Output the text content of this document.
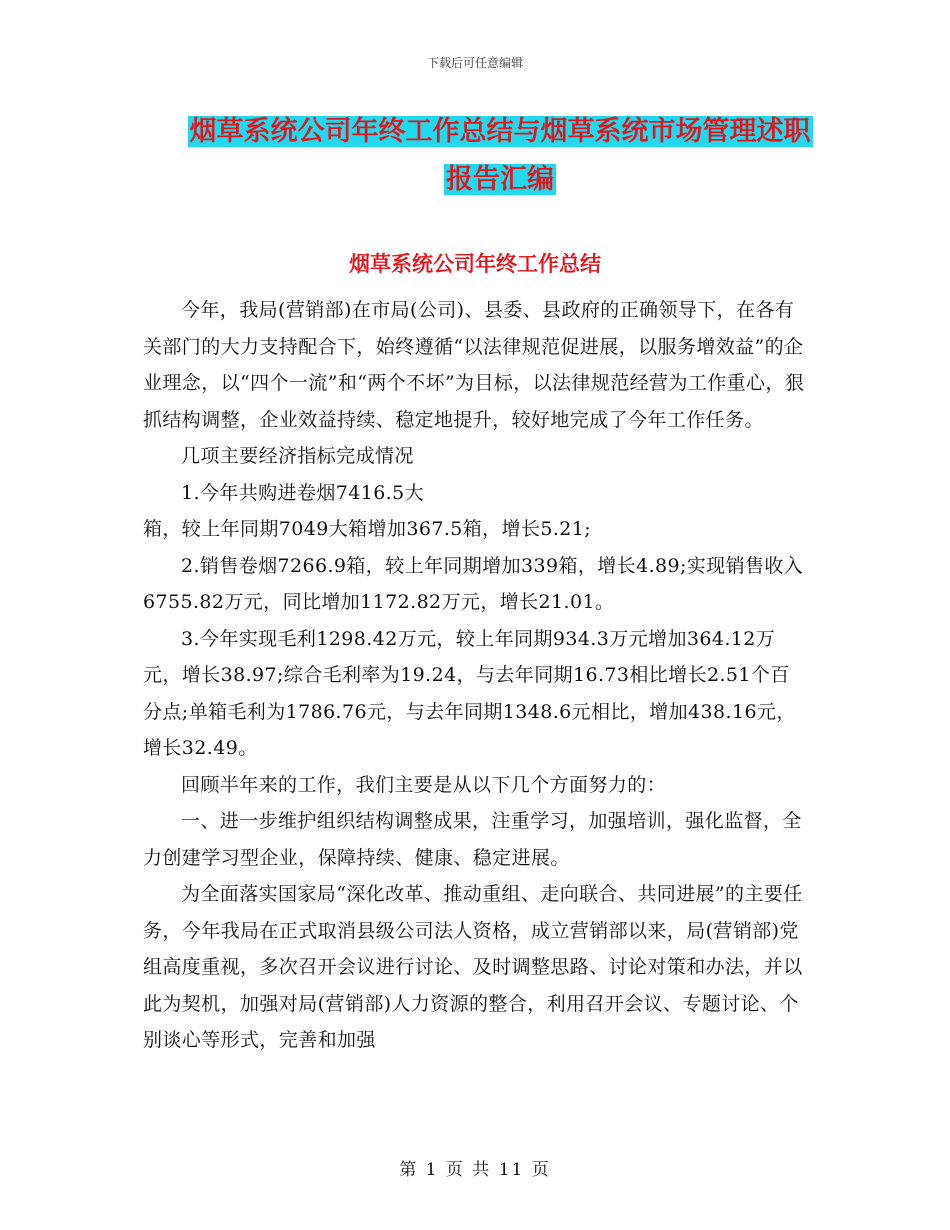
下载后可任意编辑
烟草系统公司年终工作总结与烟草系统市场管理述职
报告汇编
烟草系统公司年终工作总结

今年，我局(营销部)在市局(公司)、县委、县政府的正确领导下，在各有关部门的大力支持配合下，始终遵循“以法律规范促进展，以服务增效益”的企业理念，以“四个一流”和“两个不坏”为目标，以法律规范经营为工作重心，狠抓结构调整，企业效益持续、稳定地提升，较好地完成了今年工作任务。

几项主要经济指标完成情况

1.今年共购进卷烟7416.5大

箱，较上年同期7049大箱增加367.5箱，增长5.21;

2.销售卷烟7266.9箱，较上年同期增加339箱，增长4.89;实现销售收入6755.82万元，同比增加1172.82万元，增长21.01。

3.今年实现毛利1298.42万元，较上年同期934.3万元增加364.12万元，增长38.97;综合毛利率为19.24，与去年同期16.73相比增长2.51个百分点;单箱毛利为1786.76元，与去年同期1348.6元相比，增加438.16元，增长32.49。

回顾半年来的工作，我们主要是从以下几个方面努力的：

一、进一步维护组织结构调整成果，注重学习，加强培训，强化监督，全力创建学习型企业，保障持续、健康、稳定进展。

为全面落实国家局“深化改革、推动重组、走向联合、共同进展”的主要任务，今年我局在正式取消县级公司法人资格，成立营销部以来，局(营销部)党组高度重视，多次召开会议进行讨论、及时调整思路、讨论对策和办法，并以此为契机，加强对局(营销部)人力资源的整合，利用召开会议、专题讨论、个别谈心等形式，完善和加强

第 1 页 共 11 页
